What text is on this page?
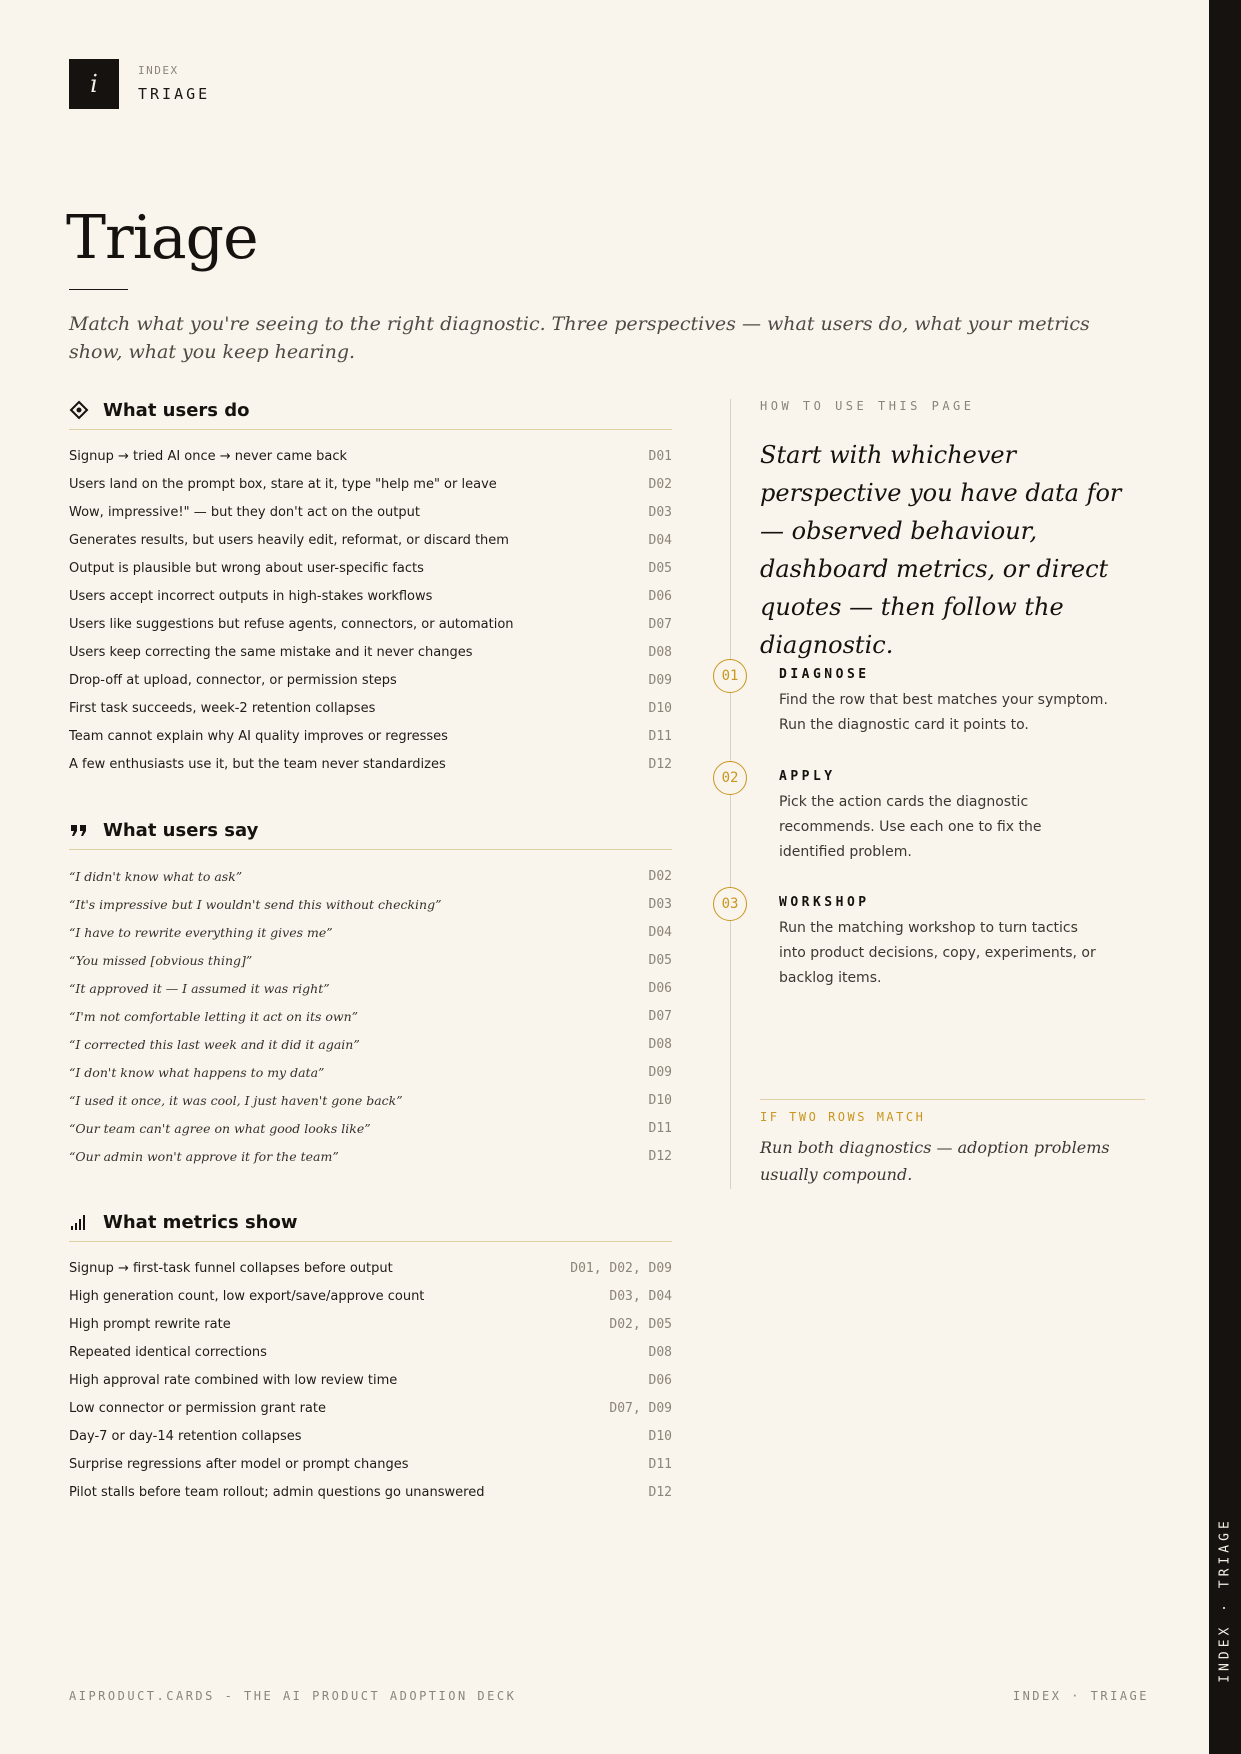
i	INDEX
TRIAGE
Triage
Match what you're seeing to the right diagnostic. Three perspectives — what users do, what your metrics show, what you keep hearing.
What users do
Signup → tried AI once → never came back	D01
Users land on the prompt box, stare at it, type "help me" or leave	D02
Wow, impressive!" — but they don't act on the output	D03
Generates results, but users heavily edit, reformat, or discard them	D04
Output is plausible but wrong about user-specific facts	D05
Users accept incorrect outputs in high-stakes workflows	D06
Users like suggestions but refuse agents, connectors, or automation	D07
Users keep correcting the same mistake and it never changes	D08
Drop-off at upload, connector, or permission steps	D09
First task succeeds, week-2 retention collapses	D10
Team cannot explain why AI quality improves or regresses	D11
A few enthusiasts use it, but the team never standardizes	D12
What users say
“I didn't know what to ask”	D02
“It's impressive but I wouldn't send this without checking”	D03
“I have to rewrite everything it gives me”	D04
“You missed [obvious thing]”	D05
“It approved it — I assumed it was right”	D06
“I'm not comfortable letting it act on its own”	D07
“I corrected this last week and it did it again”	D08
“I don't know what happens to my data”	D09
“I used it once, it was cool, I just haven't gone back”	D10
“Our team can't agree on what good looks like”	D11
“Our admin won't approve it for the team”	D12
What metrics show
Signup → first-task funnel collapses before output	D01, D02, D09
High generation count, low export/save/approve count	D03, D04
High prompt rewrite rate	D02, D05
Repeated identical corrections	D08
High approval rate combined with low review time	D06
Low connector or permission grant rate	D07, D09
Day-7 or day-14 retention collapses	D10
Surprise regressions after model or prompt changes	D11
Pilot stalls before team rollout; admin questions go unanswered	D12
HOW TO USE THIS PAGE
Start with whichever perspective you have data for — observed behaviour, dashboard metrics, or direct quotes — then follow the diagnostic.
01	DIAGNOSE
Find the row that best matches your symptom. Run the diagnostic card it points to.
02	APPLY
Pick the action cards the diagnostic recommends. Use each one to fix the identified problem.
03	WORKSHOP
Run the matching workshop to turn tactics into product decisions, copy, experiments, or backlog items.
IF TWO ROWS MATCH
Run both diagnostics — adoption problems usually compound.
AIPRODUCT.CARDS - THE AI PRODUCT ADOPTION DECK	INDEX · TRIAGE
INDEX · TRIAGE
